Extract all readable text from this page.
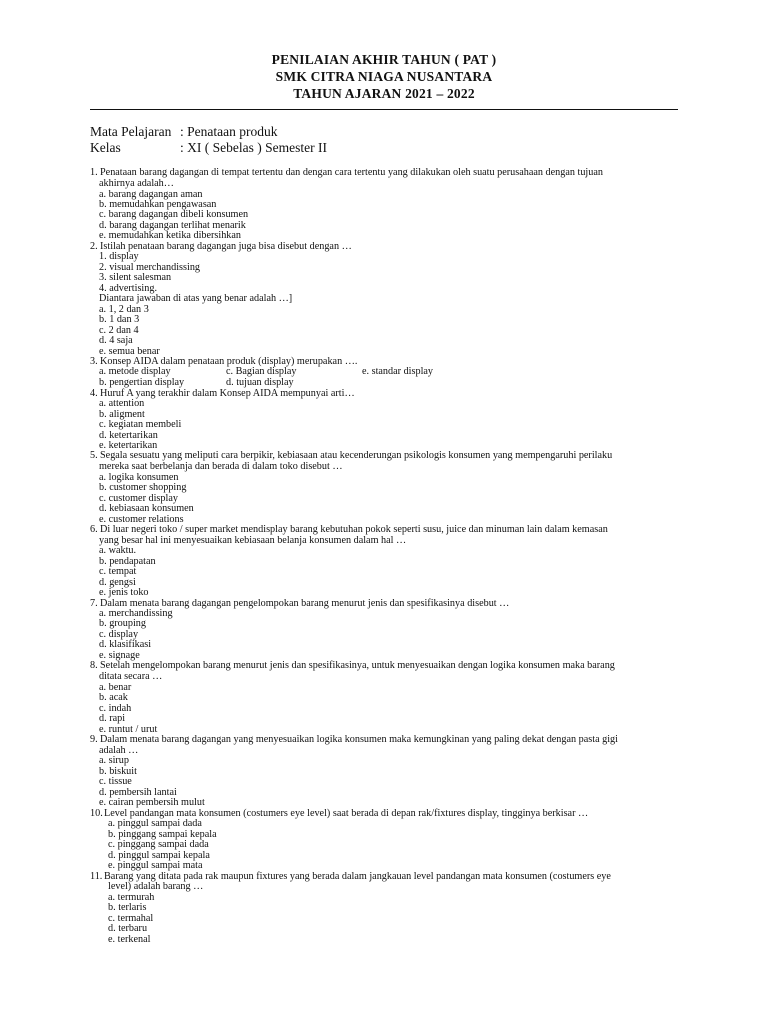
PENILAIAN AKHIR TAHUN ( PAT )
SMK CITRA NIAGA NUSANTARA
TAHUN AJARAN 2021 – 2022
Mata Pelajaran : Penataan produk
Kelas	: XI ( Sebelas ) Semester II
1. Penataan barang dagangan di tempat tertentu dan dengan cara tertentu yang dilakukan oleh suatu perusahaan dengan tujuan
akhirnya adalah…
a. barang dagangan aman
b. memudahkan pengawasan
c. barang dagangan dibeli konsumen
d. barang dagangan terlihat menarik
e. memudahkan ketika dibersihkan
2. Istilah penataan barang dagangan juga bisa disebut dengan …
1. display
2. visual merchandissing
3. silent salesman
4. advertising.
Diantara jawaban di atas yang benar adalah …]
a. 1, 2 dan 3
b. 1 dan 3
c. 2 dan 4
d. 4 saja
e. semua benar
3. Konsep AIDA dalam penataan produk (display) merupakan ….
a. metode display	c. Bagian display	e. standar display
b. pengertian display	d. tujuan display
4. Huruf A yang terakhir dalam Konsep AIDA mempunyai arti…
a. attention
b. aligment
c. kegiatan membeli
d. ketertarikan
e. ketertarikan
5. Segala sesuatu yang meliputi cara berpikir, kebiasaan atau kecenderungan psikologis konsumen yang mempengaruhi perilaku
mereka saat berbelanja dan berada di dalam toko disebut …
a. logika konsumen
b. customer shopping
c. customer display
d. kebiasaan konsumen
e. customer relations
6. Di luar negeri toko / super market mendisplay barang kebutuhan pokok seperti susu, juice dan minuman lain dalam kemasan
yang besar hal ini menyesuaikan kebiasaan belanja konsumen dalam hal …
a. waktu.
b. pendapatan
c. tempat
d. gengsi
e. jenis toko
7. Dalam menata barang dagangan pengelompokan barang menurut jenis dan spesifikasinya disebut …
a. merchandissing
b. grouping
c. display
d. klasifikasi
e. signage
8. Setelah mengelompokan barang menurut jenis dan spesifikasinya, untuk menyesuaikan dengan logika konsumen maka barang
ditata secara …
a. benar
b. acak
c. indah
d. rapi
e. runtut / urut
9. Dalam menata barang dagangan yang menyesuaikan logika konsumen maka kemungkinan yang paling dekat dengan pasta gigi
adalah …
a. sirup
b. biskuit
c. tissue
d. pembersih lantai
e. cairan pembersih mulut
10. Level pandangan mata konsumen (costumers eye level) saat berada di depan rak/fixtures display, tingginya berkisar …
a. pinggul sampai dada
b. pinggang sampai kepala
c. pinggang sampai dada
d. pinggul sampai kepala
e. pinggul sampai mata
11. Barang yang ditata pada rak maupun fixtures yang berada dalam jangkauan level pandangan mata konsumen (costumers eye
level) adalah barang …
a. termurah
b. terlaris
c. termahal
d. terbaru
e. terkenal
